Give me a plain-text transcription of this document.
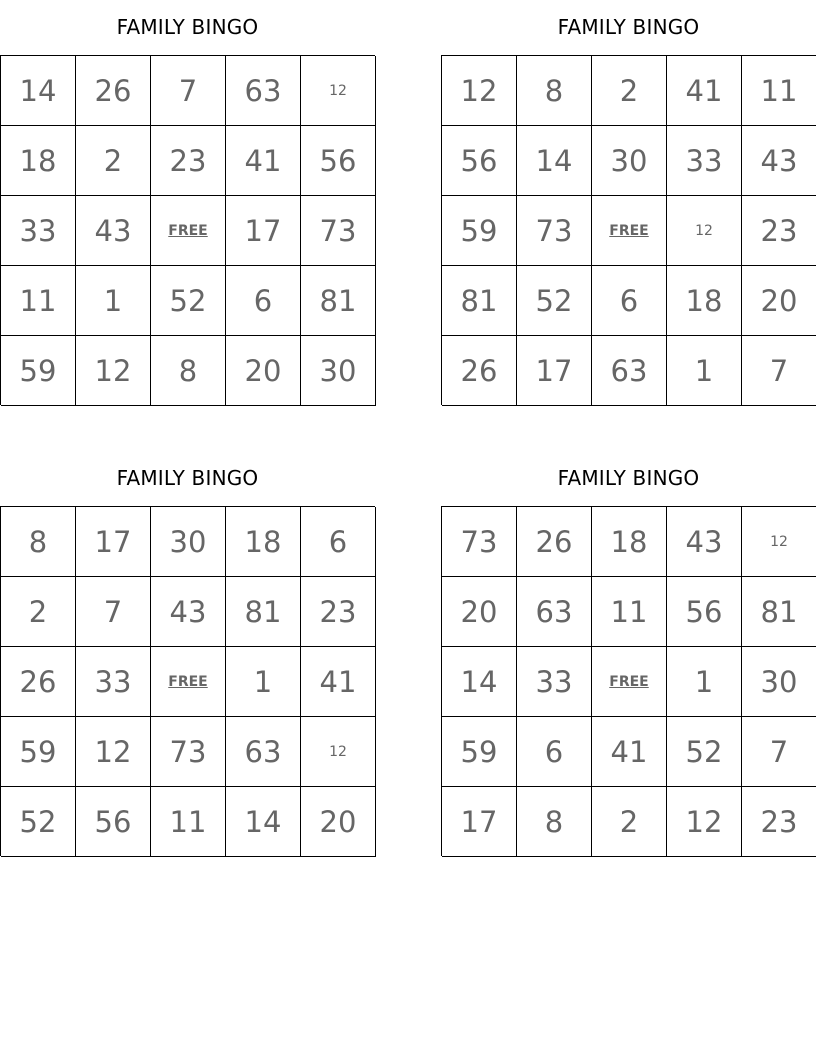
FAMILY BINGO
14	26	7	63	12
18	2	23	41	56
33	43	FREE	17	73
11	1	52	6	81
59	12	8	20	30
FAMILY BINGO
12	8	2	41	11
56	14	30	33	43
59	73	FREE	12	23
81	52	6	18	20
26	17	63	1	7
FAMILY BINGO
8	17	30	18	6
2	7	43	81	23
26	33	FREE	1	41
59	12	73	63	12
52	56	11	14	20
FAMILY BINGO
73	26	18	43	12
20	63	11	56	81
14	33	FREE	1	30
59	6	41	52	7
17	8	2	12	23
